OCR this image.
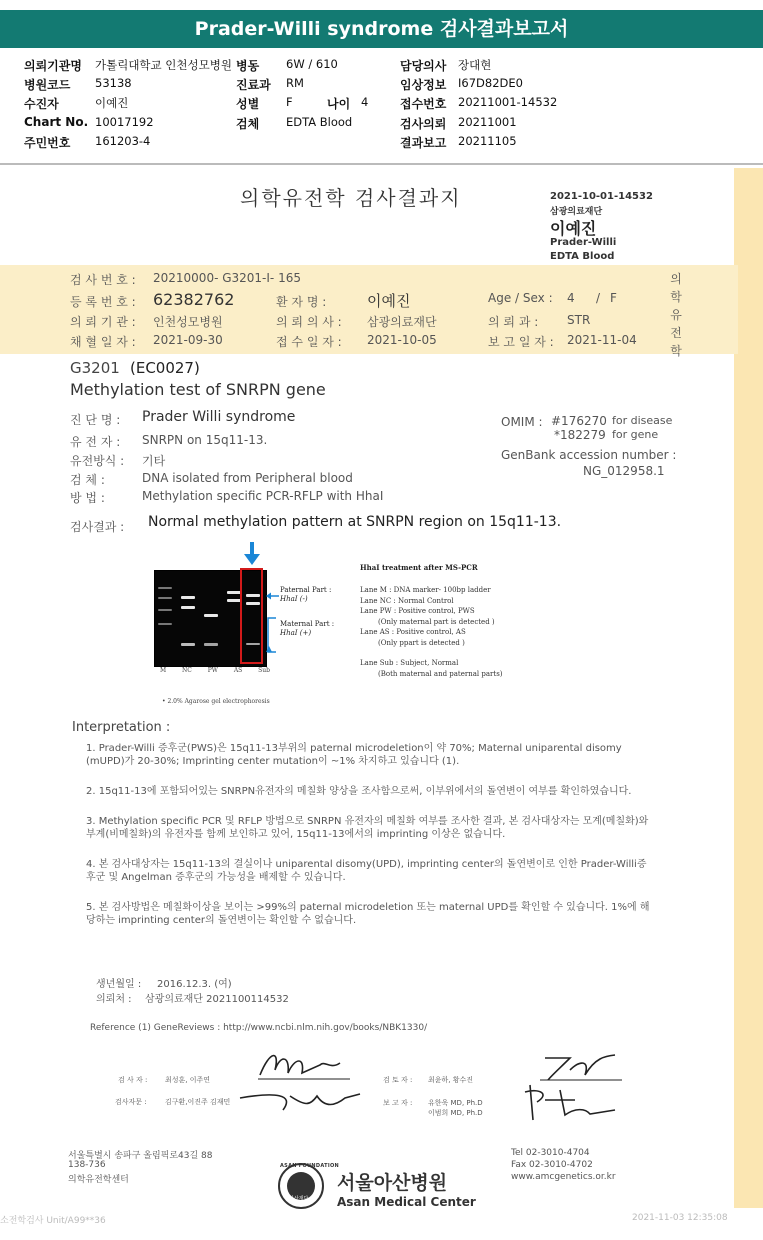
Prader-Willi syndrome 검사결과보고서
의뢰기관명 가톨릭대학교 인천성모병원 병동 6W / 610	담당의사 장대현
병원코드 53138	진료과 RM	임상정보 I67D82DE0
수진자	이예진	성별 F	나이 4	접수번호 20211001-14532
Chart No. 10017192	검체 EDTA Blood	검사의뢰 20211001
주민번호 161203-4	결과보고 20211105
의학유전학 검사결과지	2021-10-01-14532
삼광의료재단
이예진
Prader-Willi
EDTA Blood
검 사 번 호 : 20210000- G3201-I- 165
등 록 번 호 : 62382762	환 자 명 :	이예진	Age / Sex : 4 / F
의 뢰 기 관 : 인천성모병원	의 뢰 의 사 : 삼광의료재단	의 뢰 과 : STR
채 혈 일 자 : 2021-09-30	접 수 일 자 : 2021-10-05	보 고 일 자 : 2021-11-04
의
학
유
전
학
G3201 (EC0027)
Methylation test of SNRPN gene
진 단 명 : Prader Willi syndrome
유 전 자 : SNRPN on 15q11-13.
유전방식 : 기타
검 체 :	DNA isolated from Peripheral blood
방 법 :	Methylation specific PCR-RFLP with HhaI
OMIM : #176270 for disease
*182279 for gene
GenBank accession number :
NG_012958.1
검사결과 : Normal methylation pattern at SNRPN region on 15q11-13.
M	NC	PW	AS	Sub
Paternal Part :
HhaI (-)
Maternal Part :
HhaI (+)
• 2.0% Agarose gel electrophoresis
HhaI treatment after MS-PCR
Lane M : DNA marker- 100bp ladder
Lane NC : Normal Control
Lane PW : Positive control, PWS
(Only maternal part is detected )
Lane AS : Positive control, AS
(Only ppart is detected )
Lane Sub : Subject, Normal
(Both maternal and paternal parts)
Interpretation :
1. Prader-Willi 증후군(PWS)은 15q11-13부위의 paternal microdeletion이 약 70%; Maternal uniparental disomy (mUPD)가 20-30%; Imprinting center mutation이 ~1% 차지하고 있습니다 (1).
2. 15q11-13에 포함되어있는 SNRPN유전자의 메칠화 양상을 조사함으로써, 이부위에서의 돌연변이 여부를 확인하였습니다.
3. Methylation specific PCR 및 RFLP 방법으로 SNRPN 유전자의 메칠화 여부를 조사한 결과, 본 검사대상자는 모계(메칠화)와 부계(비메칠화)의 유전자를 함께 보인하고 있어, 15q11-13에서의 imprinting 이상은 없습니다.
4. 본 검사대상자는 15q11-13의 결실이나 uniparental disomy(UPD), imprinting center의 돌연변이로 인한 Prader-Willi증후군 및 Angelman 증후군의 가능성을 배제할 수 있습니다.
5. 본 검사방법은 메칠화이상을 보이는 >99%의 paternal microdeletion 또는 maternal UPD를 확인할 수 있습니다. 1%에 해당하는 imprinting center의 돌연변이는 확인할 수 없습니다.
생년월일 : 2016.12.3. (여)
의뢰처 : 삼광의료재단 2021100114532
Reference (1) GeneReviews : http://www.ncbi.nlm.nih.gov/books/NBK1330/
검 사 자 :	최성훈, 이주연
검사자문 :	김구환,이진주 김재민
검 토 자 : 최윤하, 황수진
보 고 자 : 유한욱 MD, Ph.D
이범희 MD, Ph.D
서울특별시 송파구 올림픽로43길 88
138-736
의학유전학센터
ASAN FOUNDATION
아산재단
서울아산병원
Asan Medical Center
Tel 02-3010-4704
Fax 02-3010-4702
www.amcgenetics.or.kr
소전학검사 Unit/A99**36	2021-11-03 12:35:08
